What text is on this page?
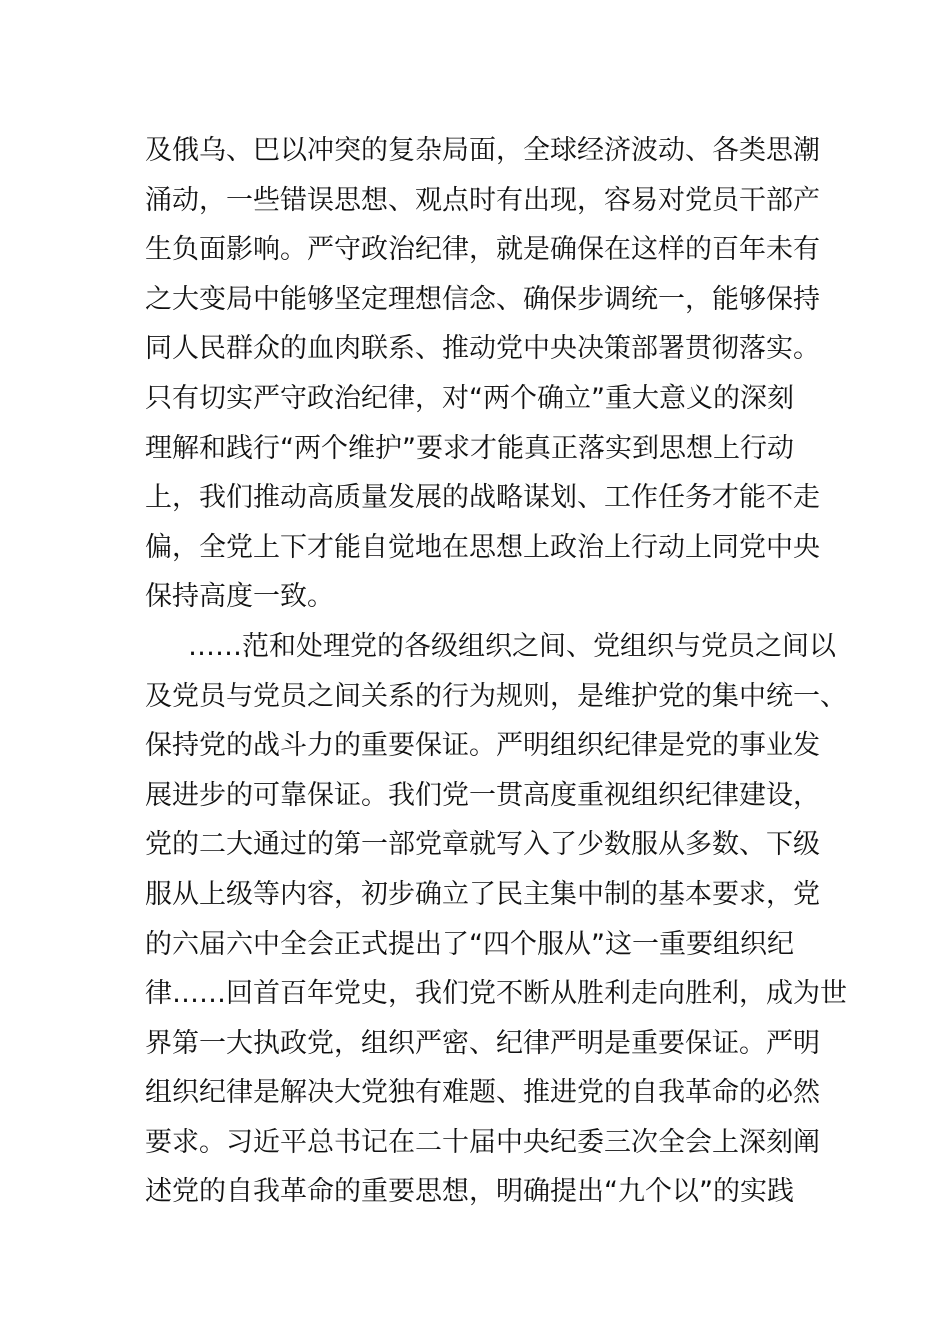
及俄乌、巴以冲突的复杂局面，全球经济波动、各类思潮
涌动，一些错误思想、观点时有出现，容易对党员干部产
生负面影响。严守政治纪律，就是确保在这样的百年未有
之大变局中能够坚定理想信念、确保步调统一，能够保持
同人民群众的血肉联系、推动党中央决策部署贯彻落实。
只有切实严守政治纪律，对“两个确立”重大意义的深刻
理解和践行“两个维护”要求才能真正落实到思想上行动
上，我们推动高质量发展的战略谋划、工作任务才能不走
偏，全党上下才能自觉地在思想上政治上行动上同党中央
保持高度一致。
……范和处理党的各级组织之间、党组织与党员之间以
及党员与党员之间关系的行为规则，是维护党的集中统一、
保持党的战斗力的重要保证。严明组织纪律是党的事业发
展进步的可靠保证。我们党一贯高度重视组织纪律建设，
党的二大通过的第一部党章就写入了少数服从多数、下级
服从上级等内容，初步确立了民主集中制的基本要求，党
的六届六中全会正式提出了“四个服从”这一重要组织纪
律……回首百年党史，我们党不断从胜利走向胜利，成为世
界第一大执政党，组织严密、纪律严明是重要保证。严明
组织纪律是解决大党独有难题、推进党的自我革命的必然
要求。习近平总书记在二十届中央纪委三次全会上深刻阐
述党的自我革命的重要思想，明确提出“九个以”的实践
